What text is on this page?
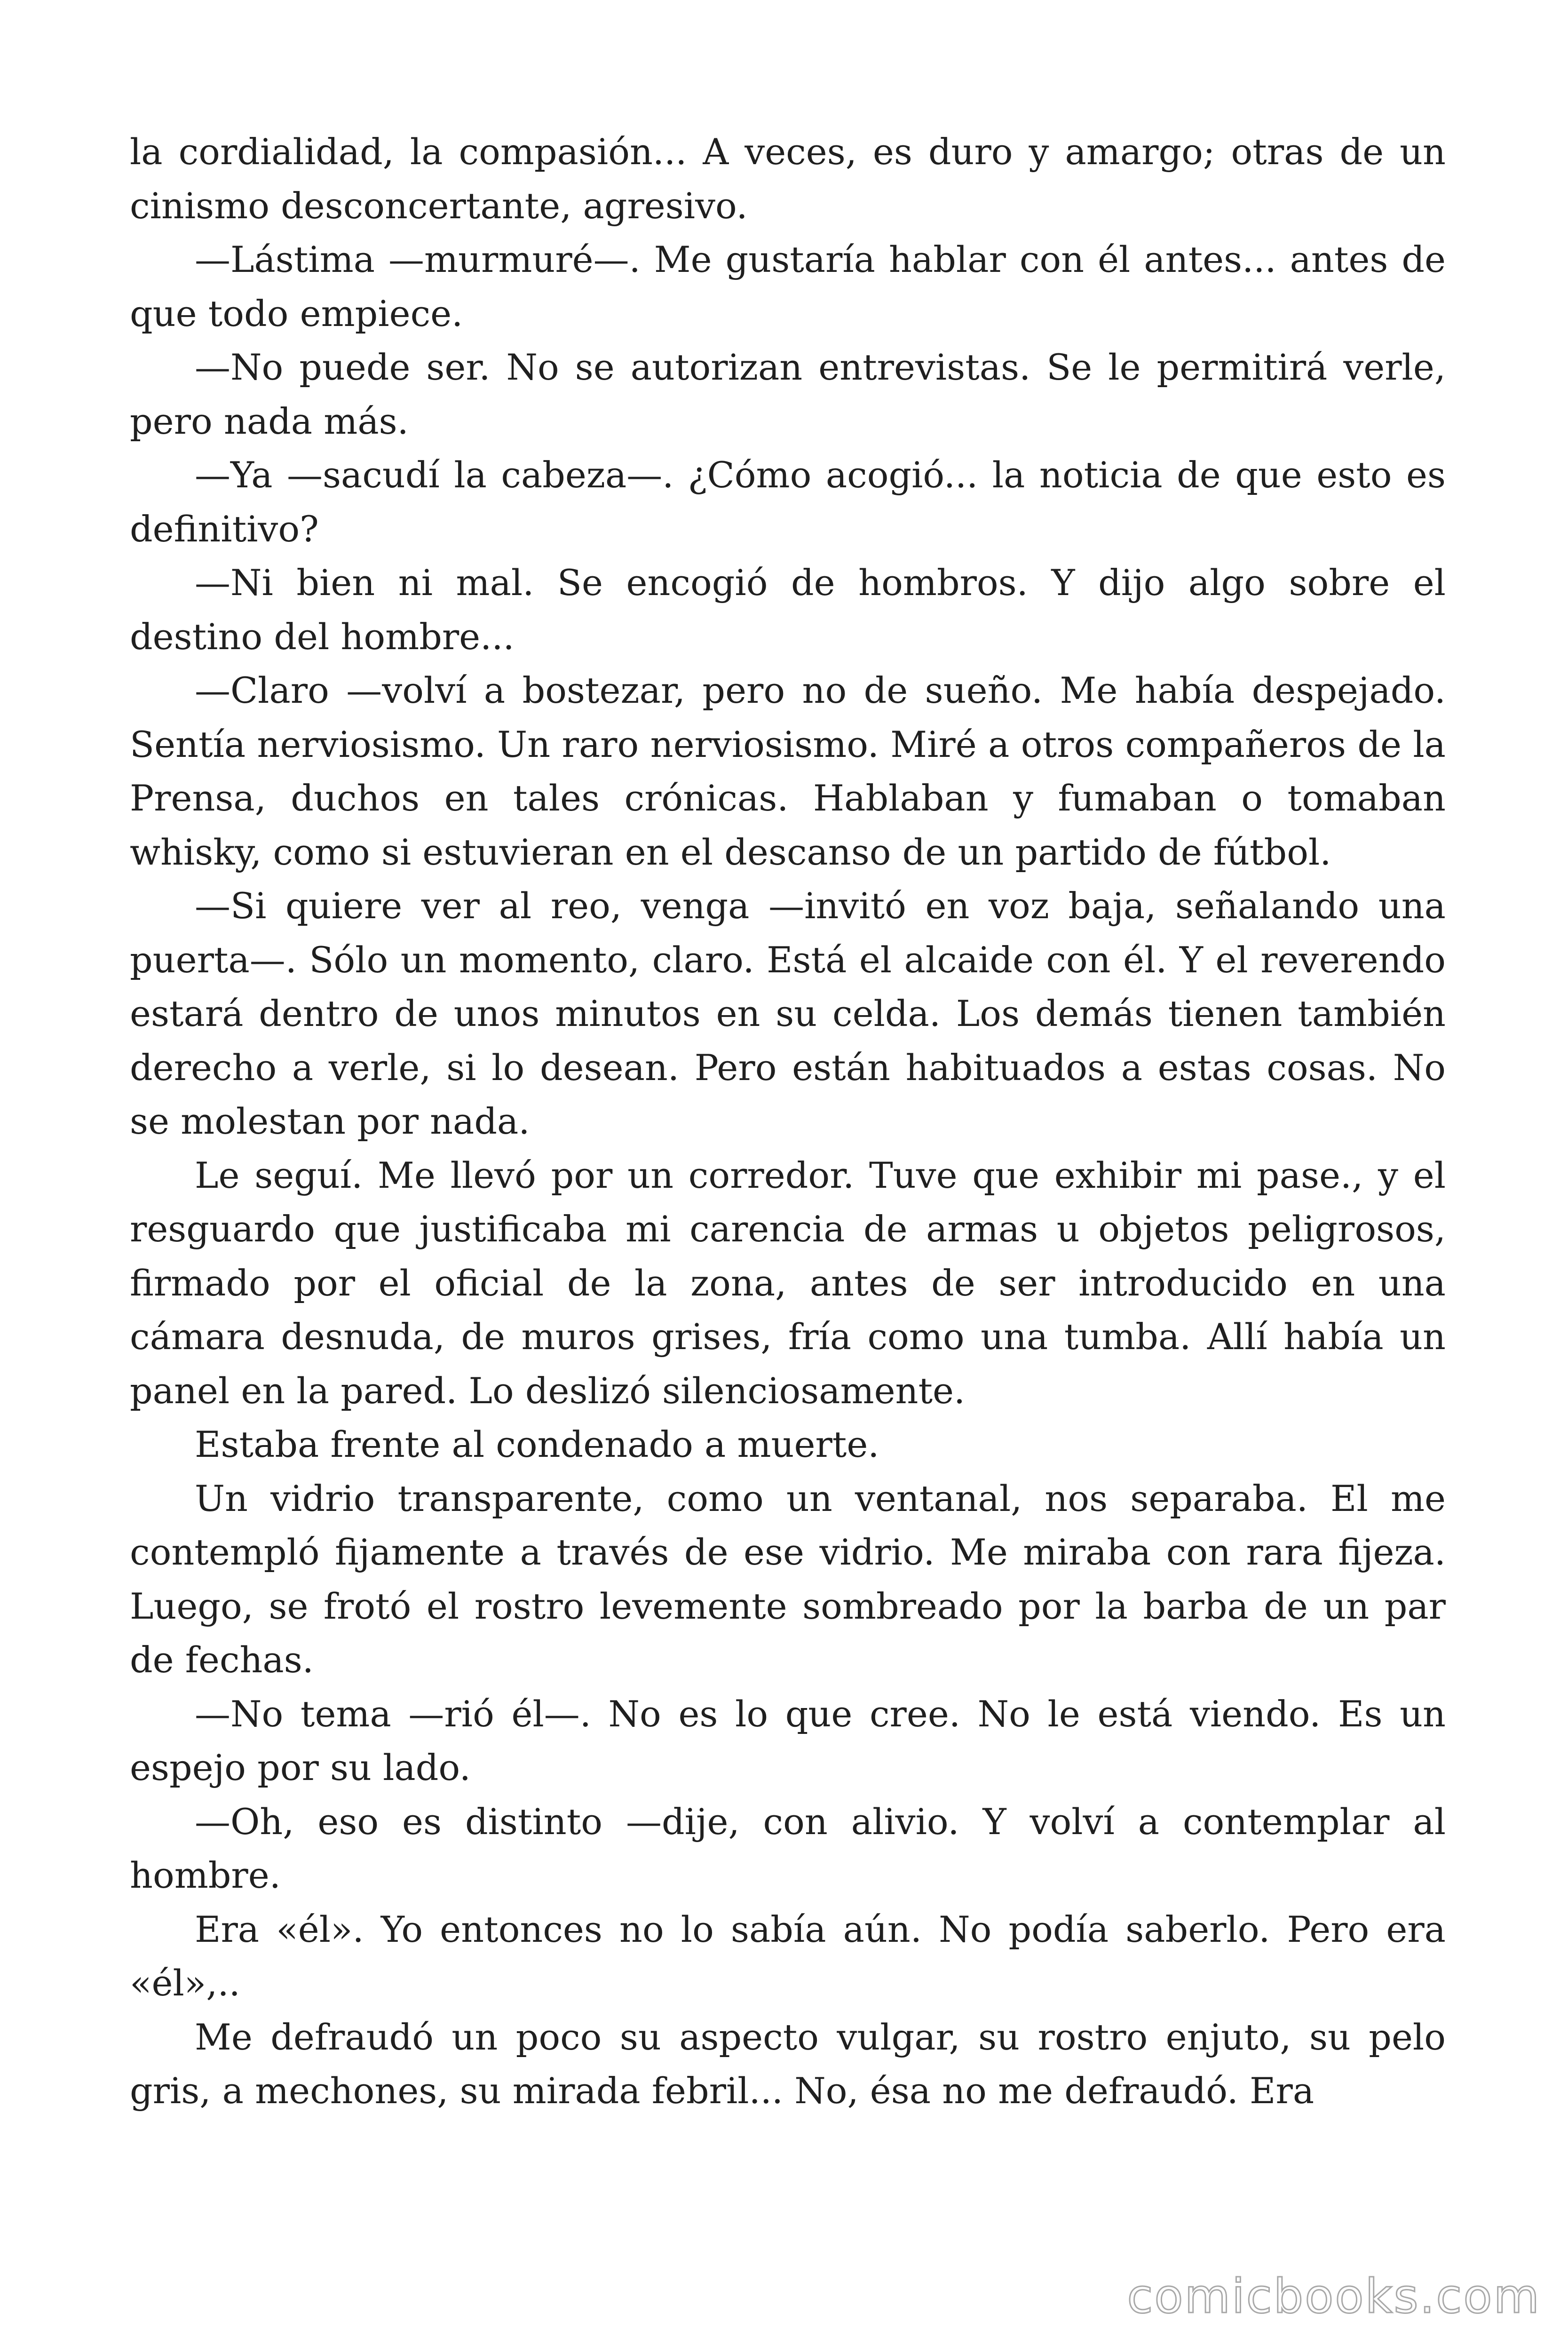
la cordialidad, la compasión... A veces, es duro y amargo; otras de un cinismo desconcertante, agresivo.

—Lástima —murmuré—. Me gustaría hablar con él antes... antes de que todo empiece.

—No puede ser. No se autorizan entrevistas. Se le permitirá verle, pero nada más.

—Ya —sacudí la cabeza—. ¿Cómo acogió... la noticia de que esto es definitivo?

—Ni bien ni mal. Se encogió de hombros. Y dijo algo sobre el destino del hombre...

—Claro —volví a bostezar, pero no de sueño. Me había despejado. Sentía nerviosismo. Un raro nerviosismo. Miré a otros compañeros de la Prensa, duchos en tales crónicas. Hablaban y fumaban o tomaban whisky, como si estuvieran en el descanso de un partido de fútbol.

—Si quiere ver al reo, venga —invitó en voz baja, señalando una puerta—. Sólo un momento, claro. Está el alcaide con él. Y el reverendo estará dentro de unos minutos en su celda. Los demás tienen también derecho a verle, si lo desean. Pero están habituados a estas cosas. No se molestan por nada.

Le seguí. Me llevó por un corredor. Tuve que exhibir mi pase., y el resguardo que justificaba mi carencia de armas u objetos peligrosos, firmado por el oficial de la zona, antes de ser introducido en una cámara desnuda, de muros grises, fría como una tumba. Allí había un panel en la pared. Lo deslizó silenciosamente.

Estaba frente al condenado a muerte.

Un vidrio transparente, como un ventanal, nos separaba. El me contempló fijamente a través de ese vidrio. Me miraba con rara fijeza. Luego, se frotó el rostro levemente sombreado por la barba de un par de fechas.

—No tema —rió él—. No es lo que cree. No le está viendo. Es un espejo por su lado.

—Oh, eso es distinto —dije, con alivio. Y volví a contemplar al hombre.

Era «él». Yo entonces no lo sabía aún. No podía saberlo. Pero era «él»,..

Me defraudó un poco su aspecto vulgar, su rostro enjuto, su pelo gris, a mechones, su mirada febril... No, ésa no me defraudó. Era

comicbooks.com
